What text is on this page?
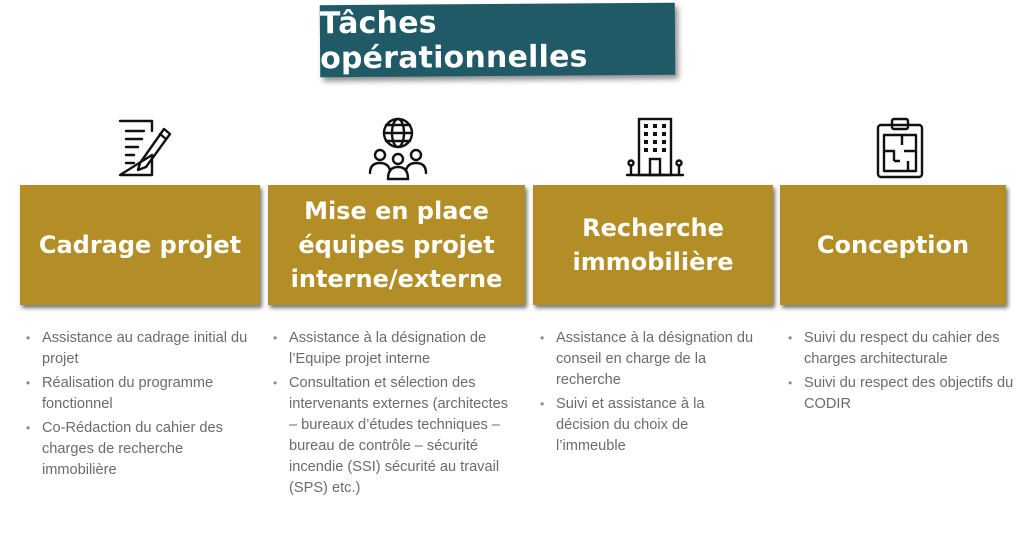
Tâches opérationnelles
Cadrage projet
Mise en place
équipes projet
interne/externe
Recherche
immobilière
Conception
• Assistance au cadrage initial du projet
• Réalisation du programme fonctionnel
• Co-Rédaction du cahier des charges de recherche immobilière
• Assistance à la désignation de l’Equipe projet interne
• Consultation et sélection des intervenants externes (architectes – bureaux d’études techniques – bureau de contrôle – sécurité incendie (SSI) sécurité au travail (SPS) etc.)
• Assistance à la désignation du conseil en charge de la recherche
• Suivi et assistance à la décision du choix de l’immeuble
• Suivi du respect du cahier des charges architecturale
• Suivi du respect des objectifs du CODIR
